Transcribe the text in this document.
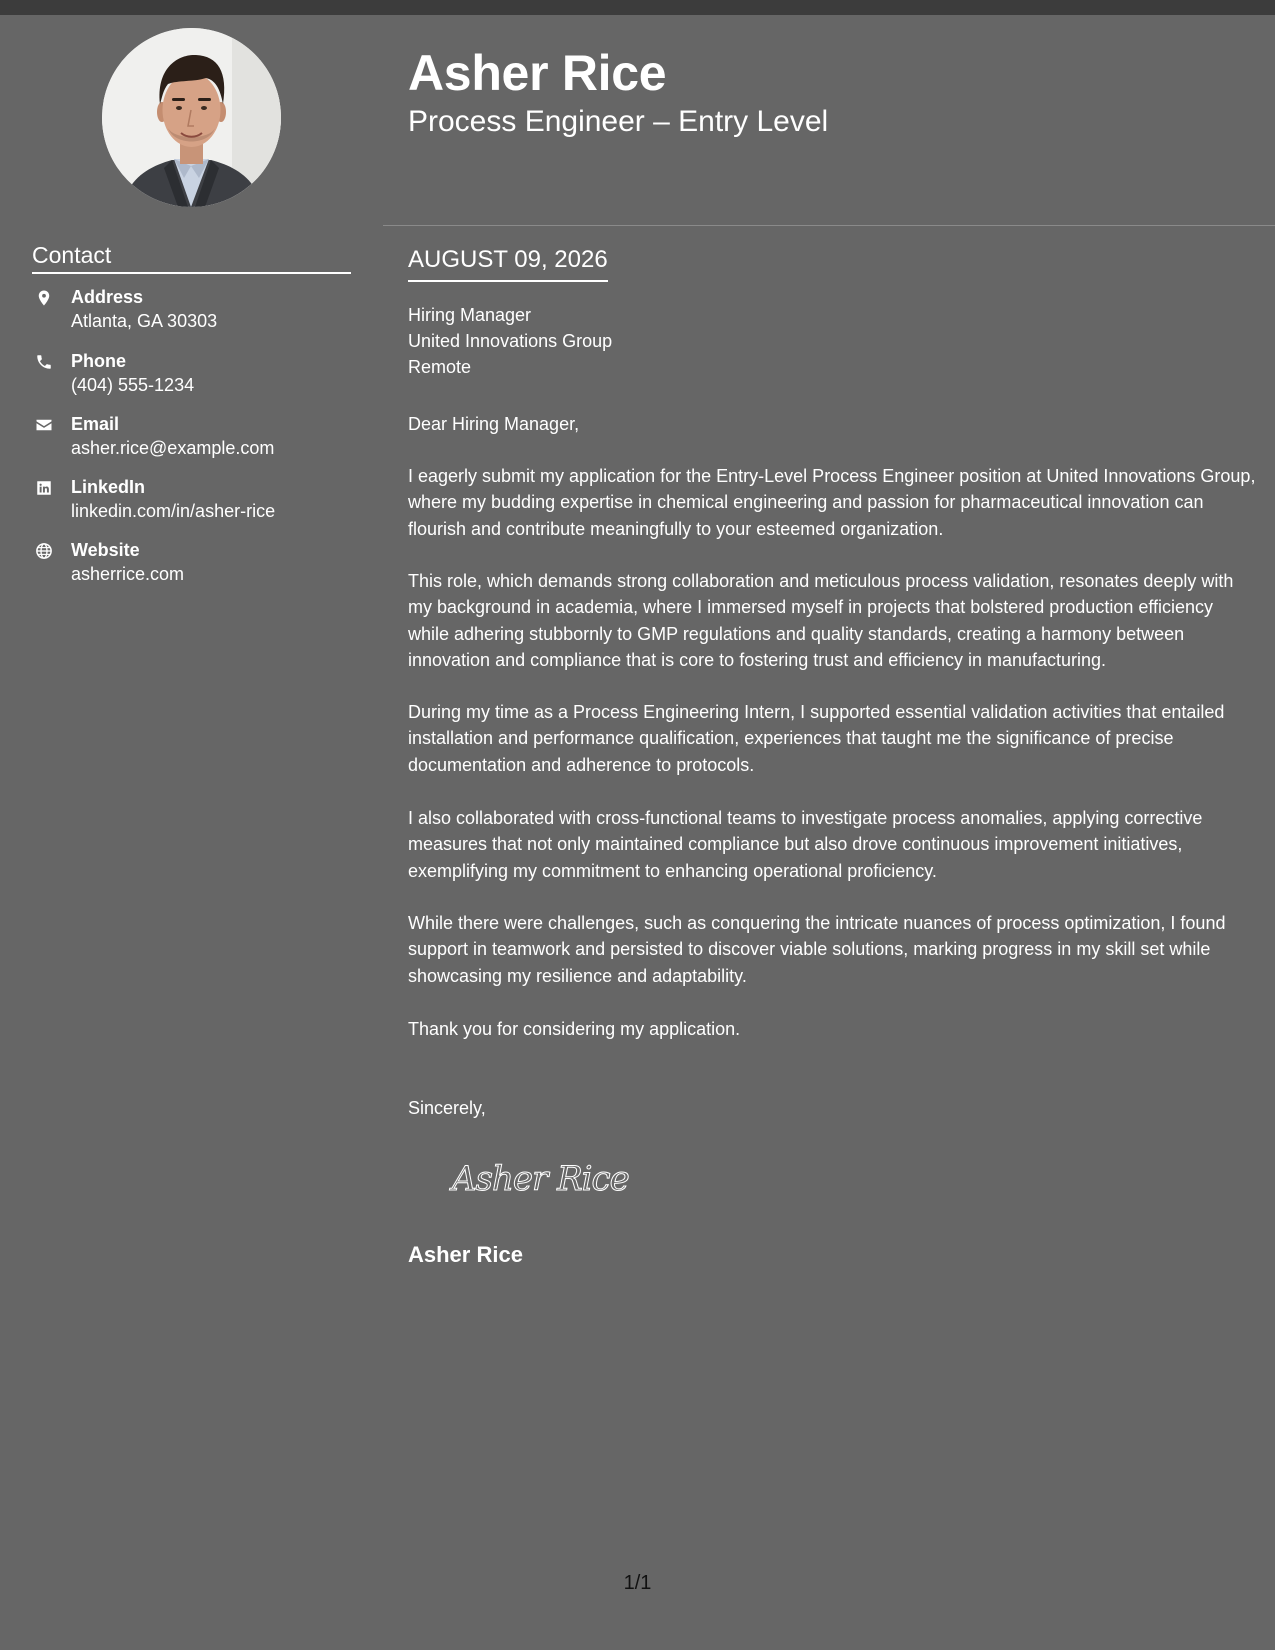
Asher Rice
Process Engineer – Entry Level
Contact
Address
Atlanta, GA 30303
Phone
(404) 555-1234
Email
asher.rice@example.com
LinkedIn
linkedin.com/in/asher-rice
Website
asherrice.com
AUGUST 09, 2026
Hiring Manager
United Innovations Group
Remote

Dear Hiring Manager,

I eagerly submit my application for the Entry-Level Process Engineer position at United Innovations Group, where my budding expertise in chemical engineering and passion for pharmaceutical innovation can flourish and contribute meaningfully to your esteemed organization.

This role, which demands strong collaboration and meticulous process validation, resonates deeply with my background in academia, where I immersed myself in projects that bolstered production efficiency while adhering stubbornly to GMP regulations and quality standards, creating a harmony between innovation and compliance that is core to fostering trust and efficiency in manufacturing.

During my time as a Process Engineering Intern, I supported essential validation activities that entailed installation and performance qualification, experiences that taught me the significance of precise documentation and adherence to protocols.

I also collaborated with cross-functional teams to investigate process anomalies, applying corrective measures that not only maintained compliance but also drove continuous improvement initiatives, exemplifying my commitment to enhancing operational proficiency.

While there were challenges, such as conquering the intricate nuances of process optimization, I found support in teamwork and persisted to discover viable solutions, marking progress in my skill set while showcasing my resilience and adaptability.

Thank you for considering my application.

Sincerely,

Asher Rice
Asher Rice
1/1
